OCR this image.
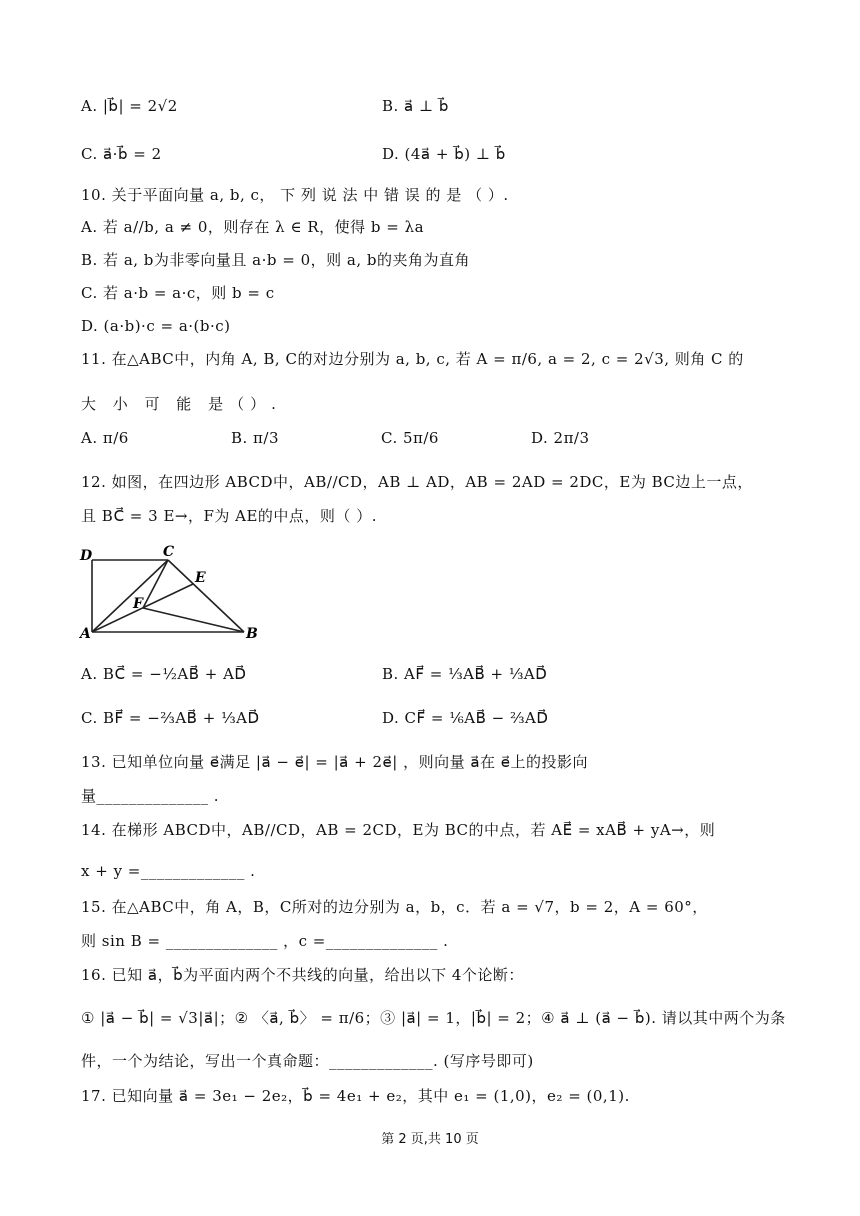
A. |b⃗| = 2√2	B. a⃗ ⊥ b⃗
C. a⃗·b⃗ = 2	D. (4a⃗ + b⃗) ⊥ b⃗
10. 关于平面向量 a, b, c， 下 列 说 法 中 错 误 的 是 （ ）.
A. 若 a//b, a ≠ 0，则存在 λ ∈ R，使得 b = λa
B. 若 a, b为非零向量且 a·b = 0，则 a, b的夹角为直角
C. 若 a·b = a·c，则 b = c
D. (a·b)·c = a·(b·c)
11. 在△ABC中，内角 A, B, C的对边分别为 a, b, c, 若 A = π/6, a = 2, c = 2√3, 则角 C 的
大 小 可 能 是（）.
A. π/6	B. π/3	C. 5π/6	D. 2π/3
12. 如图，在四边形 ABCD中，AB//CD，AB ⊥ AD，AB = 2AD = 2DC，E为 BC边上一点，
且 BC⃗ = 3 E→，F为 AE的中点，则（ ）.
D	C
E
F
A	B
A. BC⃗ = −½AB⃗ + AD⃗	B. AF⃗ = ⅓AB⃗ + ⅓AD⃗
C. BF⃗ = −⅔AB⃗ + ⅓AD⃗	D. CF⃗ = ⅙AB⃗ − ⅔AD⃗
13. 已知单位向量 e⃗满足 |a⃗ − e⃗| = |a⃗ + 2e⃗| ，则向量 a⃗在 e⃗上的投影向
量______________ .
14. 在梯形 ABCD中，AB//CD，AB = 2CD，E为 BC的中点，若 AE⃗ = xAB⃗ + yA→，则
x + y =_____________ .
15. 在△ABC中，角 A，B，C所对的边分别为 a，b，c．若 a = √7，b = 2，A = 60°，
则 sin B = ______________ ，c =______________ .
16. 已知 a⃗，b⃗为平面内两个不共线的向量，给出以下 4个论断：
① |a⃗ − b⃗| = √3|a⃗|；② 〈a⃗, b⃗〉 = π/6；③ |a⃗| = 1，|b⃗| = 2；④ a⃗ ⊥ (a⃗ − b⃗). 请以其中两个为条
件，一个为结论，写出一个真命题：_____________. (写序号即可)
17. 已知向量 a⃗ = 3e₁ − 2e₂，b⃗ = 4e₁ + e₂，其中 e₁ = (1,0)，e₂ = (0,1).
第 2 页,共 10 页
